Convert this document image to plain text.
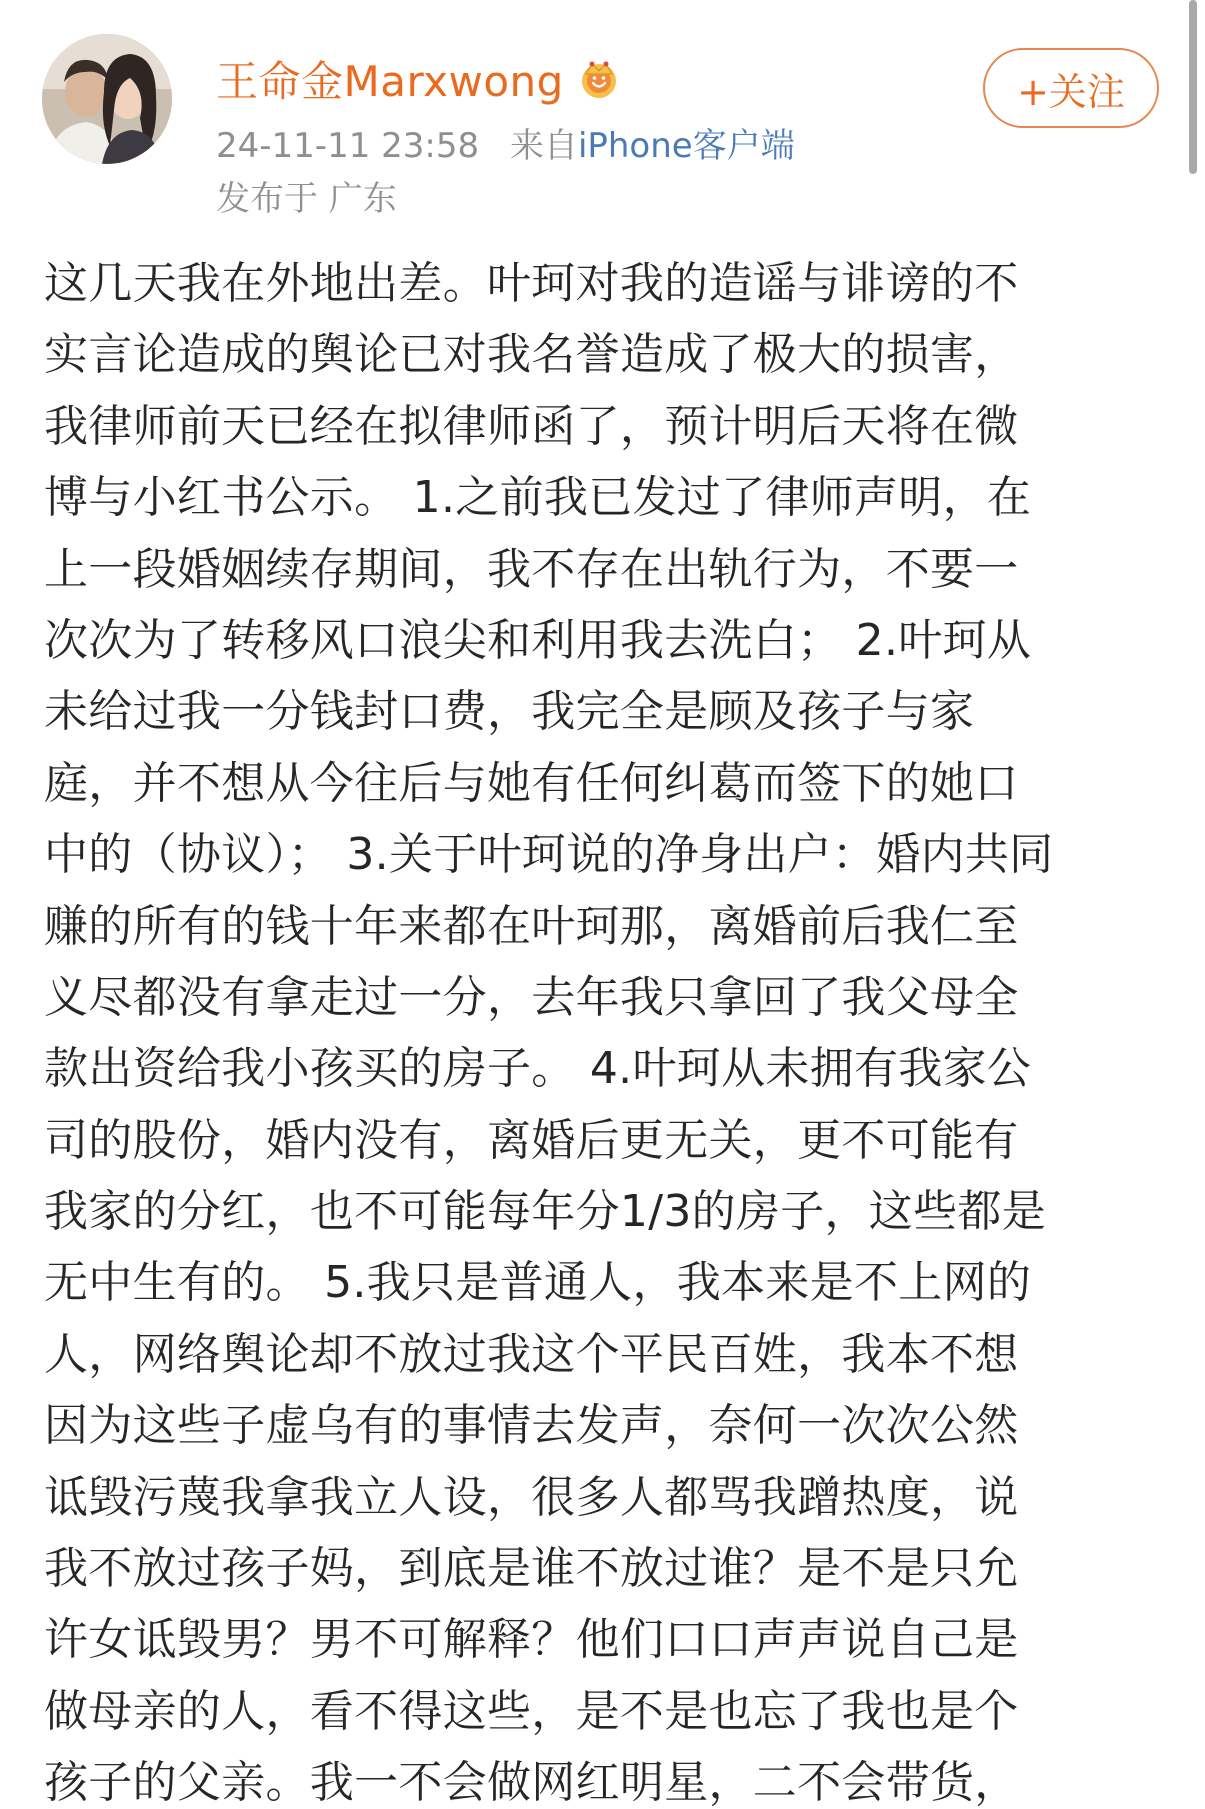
王命金Marxwong
24-11-11 23:58 来自iPhone客户端
发布于 广东
+关注
这几天我在外地出差。叶珂对我的造谣与诽谤的不
实言论造成的舆论已对我名誉造成了极大的损害，
我律师前天已经在拟律师函了，预计明后天将在微
博与小红书公示。 1.之前我已发过了律师声明，在
上一段婚姻续存期间，我不存在出轨行为，不要一
次次为了转移风口浪尖和利用我去洗白； 2.叶珂从
未给过我一分钱封口费，我完全是顾及孩子与家
庭，并不想从今往后与她有任何纠葛而签下的她口
中的（协议）； 3.关于叶珂说的净身出户：婚内共同
赚的所有的钱十年来都在叶珂那，离婚前后我仁至
义尽都没有拿走过一分，去年我只拿回了我父母全
款出资给我小孩买的房子。 4.叶珂从未拥有我家公
司的股份，婚内没有，离婚后更无关，更不可能有
我家的分红，也不可能每年分1/3的房子，这些都是
无中生有的。 5.我只是普通人，我本来是不上网的
人，网络舆论却不放过我这个平民百姓，我本不想
因为这些子虚乌有的事情去发声，奈何一次次公然
诋毁污蔑我拿我立人设，很多人都骂我蹭热度，说
我不放过孩子妈，到底是谁不放过谁？是不是只允
许女诋毁男？男不可解释？他们口口声声说自己是
做母亲的人，看不得这些，是不是也忘了我也是个
孩子的父亲。我一不会做网红明星，二不会带货，
